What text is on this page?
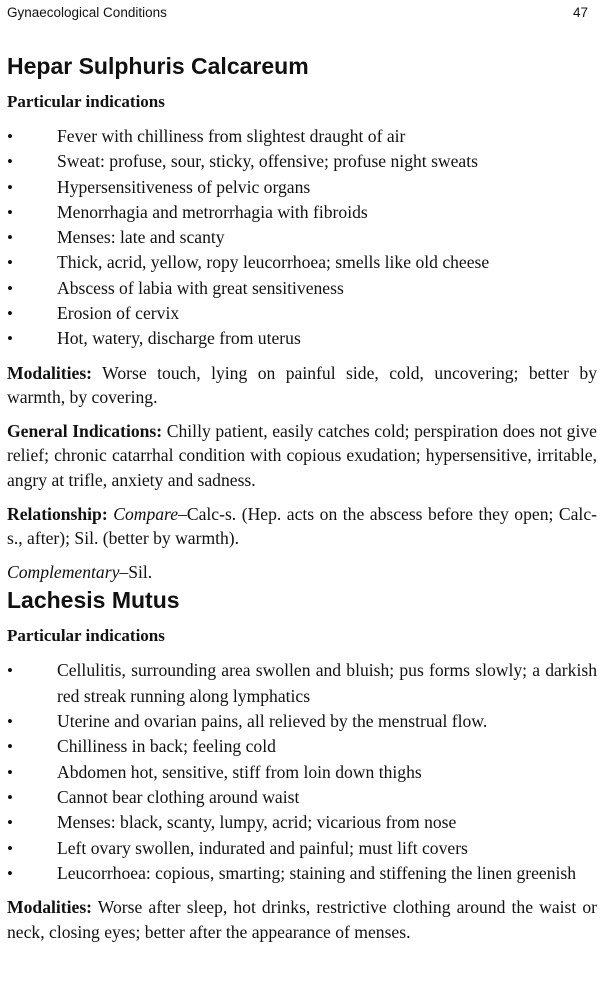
Gynaecological Conditions	47
Hepar Sulphuris Calcareum
Particular indications
•	Fever with chilliness from slightest draught of air
•	Sweat: profuse, sour, sticky, offensive; profuse night sweats
•	Hypersensitiveness of pelvic organs
•	Menorrhagia and metrorrhagia with fibroids
•	Menses: late and scanty
•	Thick, acrid, yellow, ropy leucorrhoea; smells like old cheese
•	Abscess of labia with great sensitiveness
•	Erosion of cervix
•	Hot, watery, discharge from uterus

Modalities: Worse touch, lying on painful side, cold, uncovering; better by warmth, by covering.

General Indications: Chilly patient, easily catches cold; perspiration does not give relief; chronic catarrhal condition with copious exudation; hypersensitive, irritable, angry at trifle, anxiety and sadness.

Relationship: Compare–Calc-s. (Hep. acts on the abscess before they open; Calc-s., after); Sil. (better by warmth).

Complementary–Sil.

Lachesis Mutus
Particular indications
•	Cellulitis, surrounding area swollen and bluish; pus forms slowly; a darkish red streak running along lymphatics
•	Uterine and ovarian pains, all relieved by the menstrual flow.
•	Chilliness in back; feeling cold
•	Abdomen hot, sensitive, stiff from loin down thighs
•	Cannot bear clothing around waist
•	Menses: black, scanty, lumpy, acrid; vicarious from nose
•	Left ovary swollen, indurated and painful; must lift covers
•	Leucorrhoea: copious, smarting; staining and stiffening the linen greenish

Modalities: Worse after sleep, hot drinks, restrictive clothing around the waist or neck, closing eyes; better after the appearance of menses.
